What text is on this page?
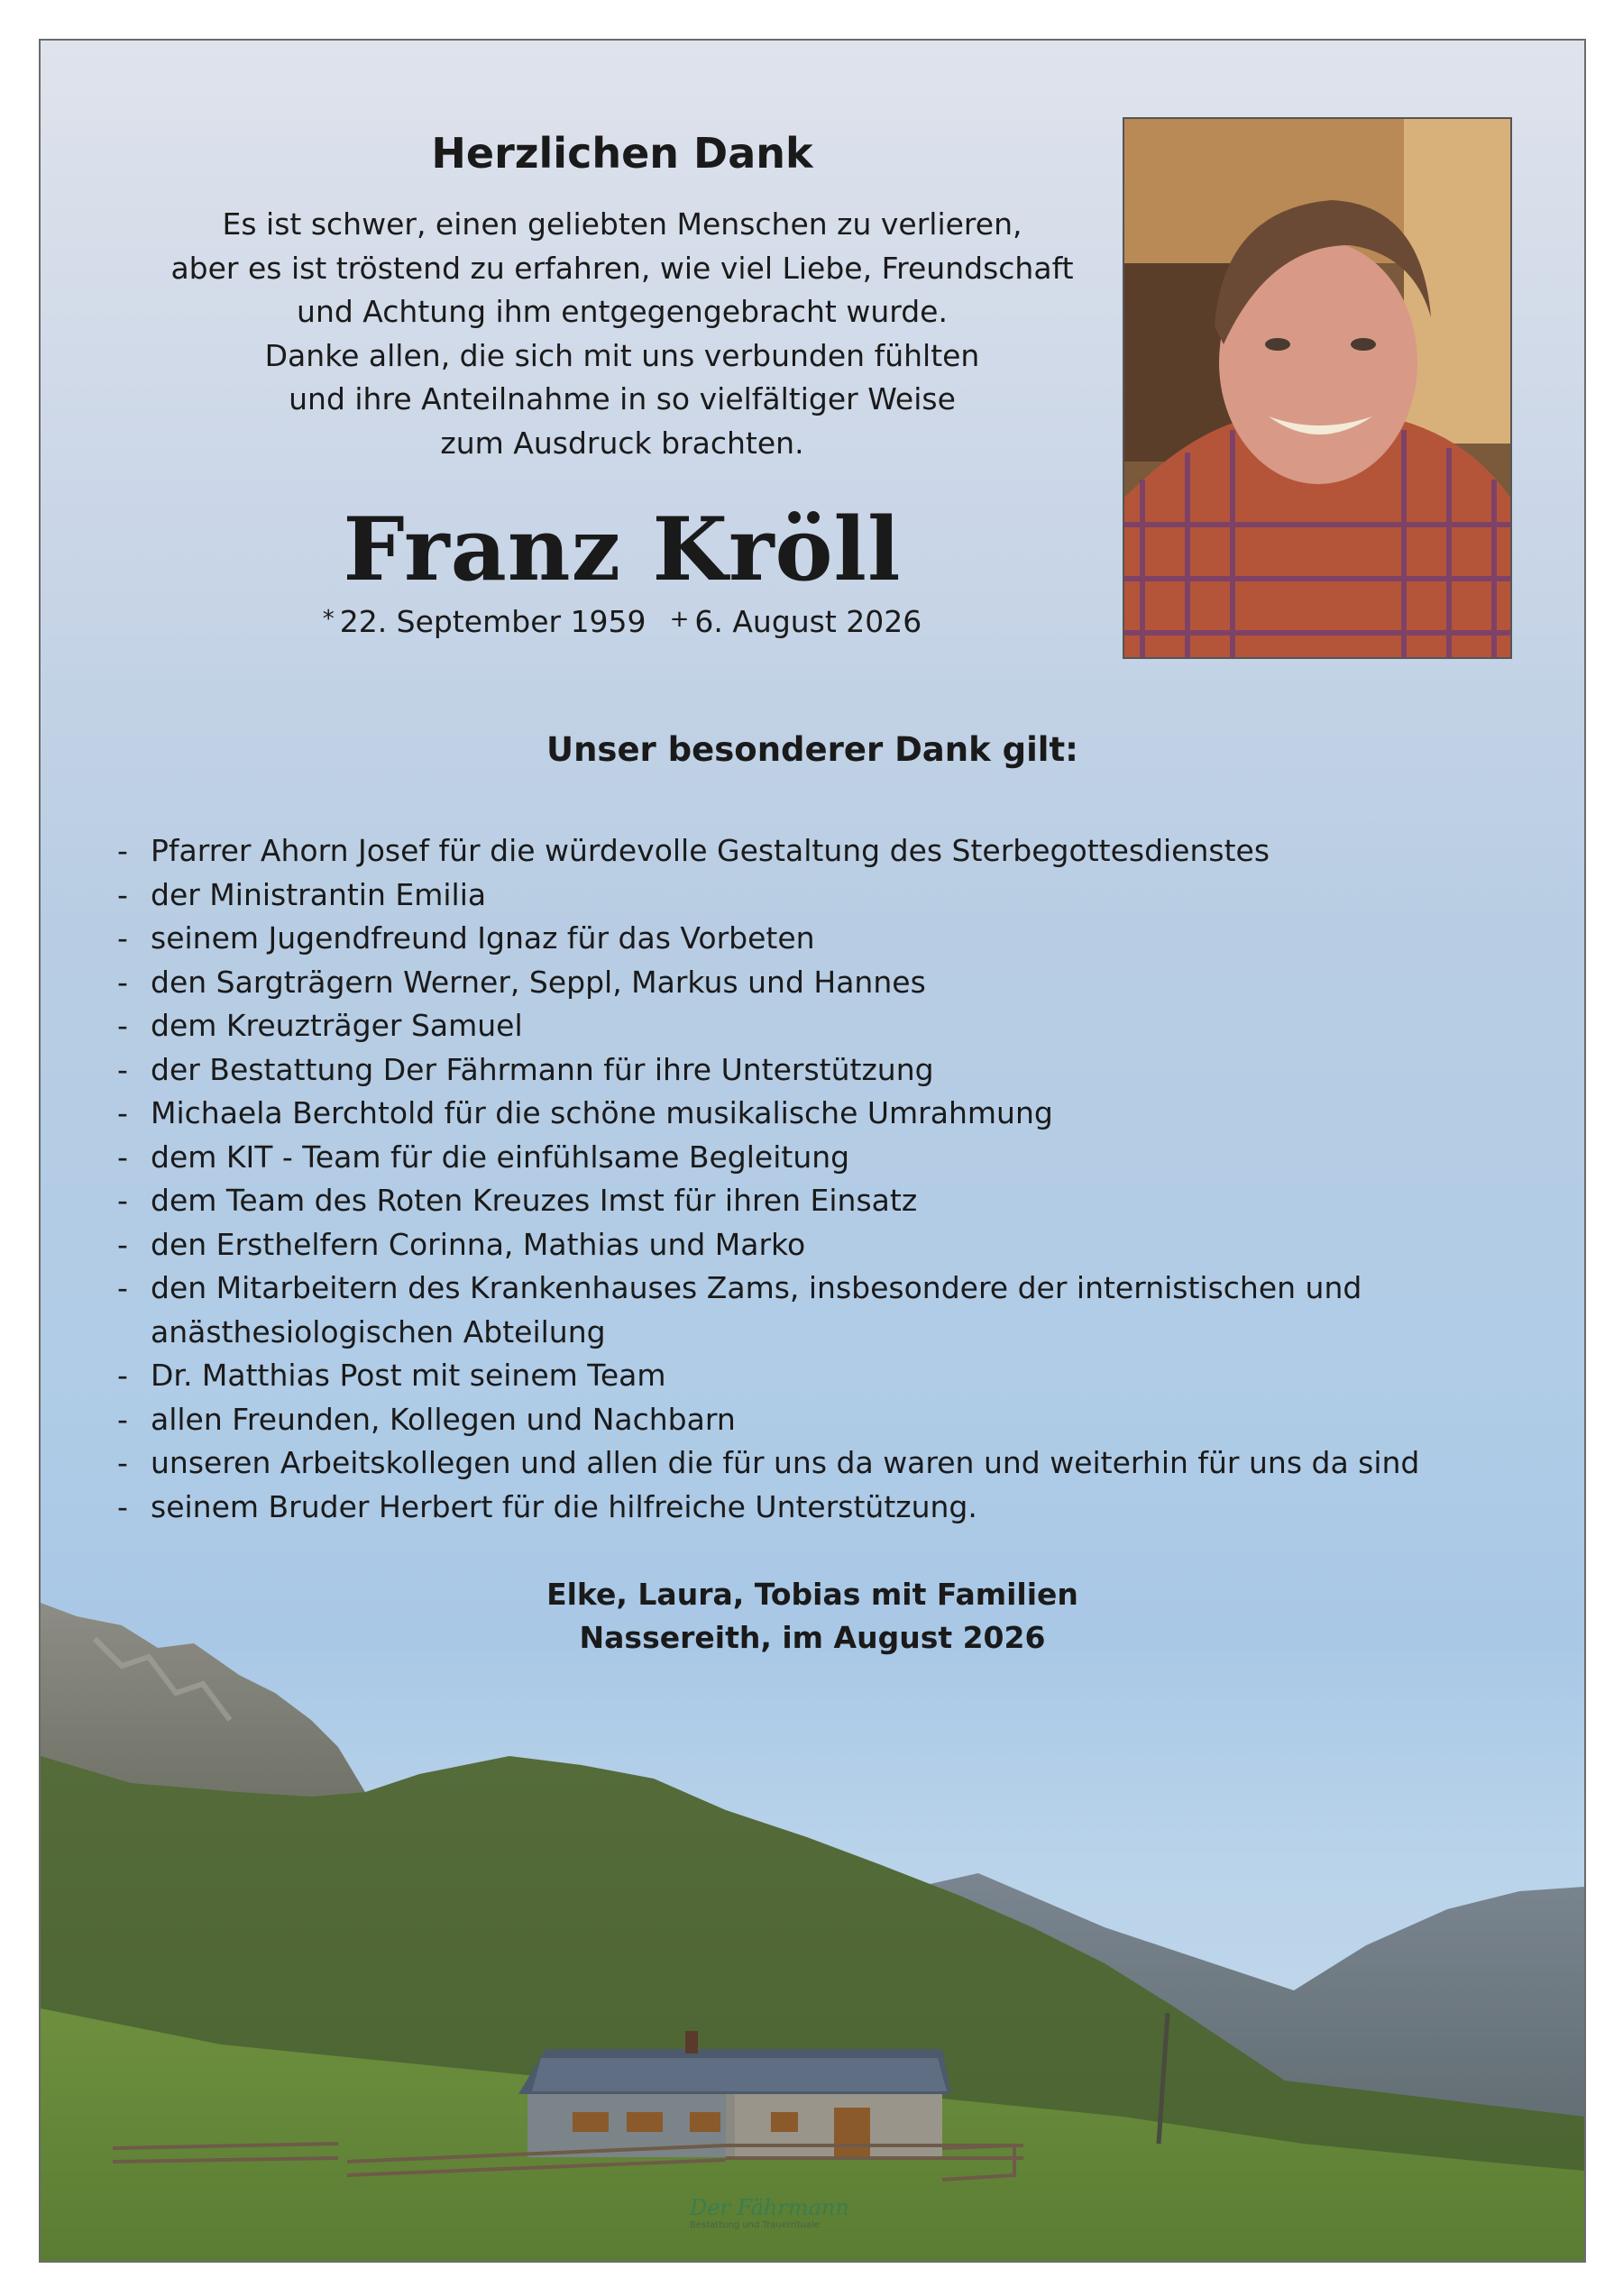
Herzlichen Dank
Es ist schwer, einen geliebten Menschen zu verlieren,
aber es ist tröstend zu erfahren, wie viel Liebe, Freundschaft
und Achtung ihm entgegengebracht wurde.
Danke allen, die sich mit uns verbunden fühlten
und ihre Anteilnahme in so vielfältiger Weise
zum Ausdruck brachten.
Franz Kröll
* 22. September 1959 + 6. August 2026
Unser besonderer Dank gilt:
- Pfarrer Ahorn Josef für die würdevolle Gestaltung des Sterbegottesdienstes
- der Ministrantin Emilia
- seinem Jugendfreund Ignaz für das Vorbeten
- den Sargträgern Werner, Seppl, Markus und Hannes
- dem Kreuzträger Samuel
- der Bestattung Der Fährmann für ihre Unterstützung
- Michaela Berchtold für die schöne musikalische Umrahmung
- dem KIT - Team für die einfühlsame Begleitung
- dem Team des Roten Kreuzes Imst für ihren Einsatz
- den Ersthelfern Corinna, Mathias und Marko
- den Mitarbeitern des Krankenhauses Zams, insbesondere der internistischen und anästhesiologischen Abteilung
- Dr. Matthias Post mit seinem Team
- allen Freunden, Kollegen und Nachbarn
- unseren Arbeitskollegen und allen die für uns da waren und weiterhin für uns da sind
- seinem Bruder Herbert für die hilfreiche Unterstützung.
Elke, Laura, Tobias mit Familien
Nassereith, im August 2026
Der Fährmann
Bestattung und Trauerrituale
